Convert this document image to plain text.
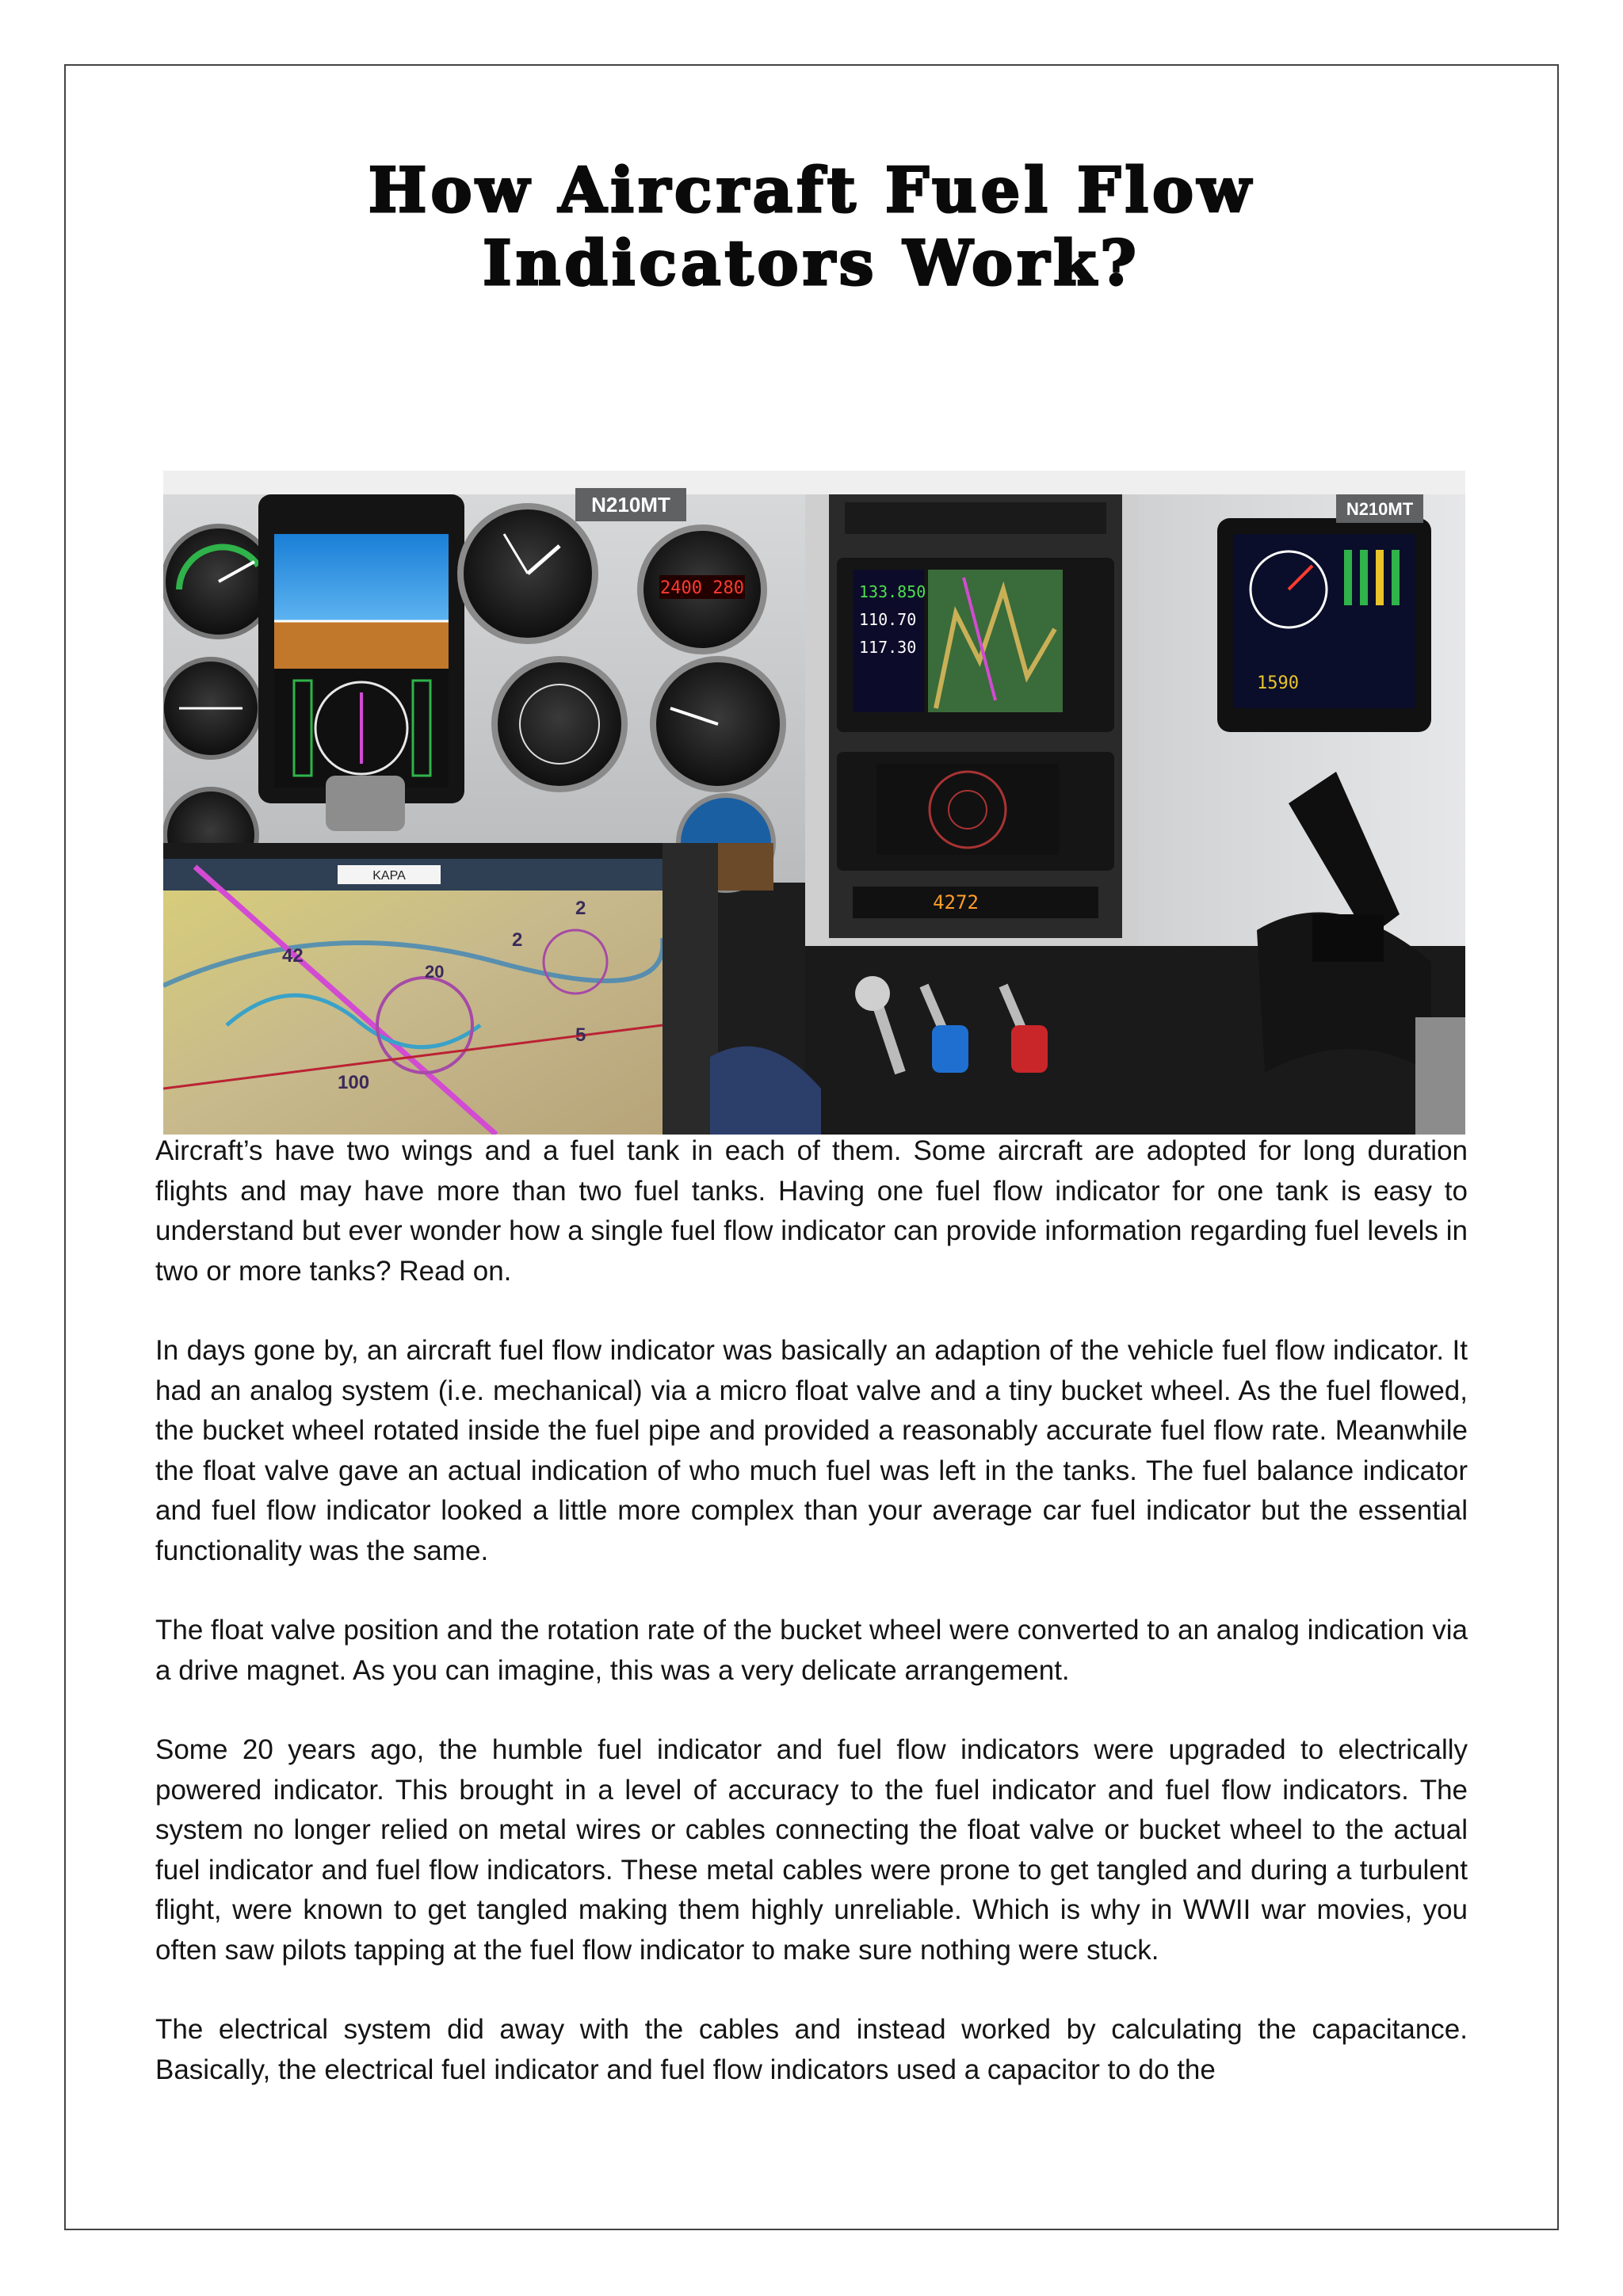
How Aircraft Fuel Flow Indicators Work?
2400 280
N210MT
133.850
110.70
117.30
4272
1590
N210MT
KAPA
42
2
2
100
5
20

Aircraft’s have two wings and a fuel tank in each of them. Some aircraft are adopted for long duration flights and may have more than two fuel tanks. Having one fuel flow indicator for one tank is easy to understand but ever wonder how a single fuel flow indicator can provide information regarding fuel levels in two or more tanks? Read on.

In days gone by, an aircraft fuel flow indicator was basically an adaption of the vehicle fuel flow indicator. It had an analog system (i.e. mechanical) via a micro float valve and a tiny bucket wheel. As the fuel flowed, the bucket wheel rotated inside the fuel pipe and provided a reasonably accurate fuel flow rate. Meanwhile the float valve gave an actual indication of who much fuel was left in the tanks. The fuel balance indicator and fuel flow indicator looked a little more complex than your average car fuel indicator but the essential functionality was the same.

The float valve position and the rotation rate of the bucket wheel were converted to an analog indication via a drive magnet. As you can imagine, this was a very delicate arrangement.

Some 20 years ago, the humble fuel indicator and fuel flow indicators were upgraded to electrically powered indicator. This brought in a level of accuracy to the fuel indicator and fuel flow indicators. The system no longer relied on metal wires or cables connecting the float valve or bucket wheel to the actual fuel indicator and fuel flow indicators. These metal cables were prone to get tangled and during a turbulent flight, were known to get tangled making them highly unreliable. Which is why in WWII war movies, you often saw pilots tapping at the fuel flow indicator to make sure nothing were stuck.

The electrical system did away with the cables and instead worked by calculating the capacitance. Basically, the electrical fuel indicator and fuel flow indicators used a capacitor to do the
